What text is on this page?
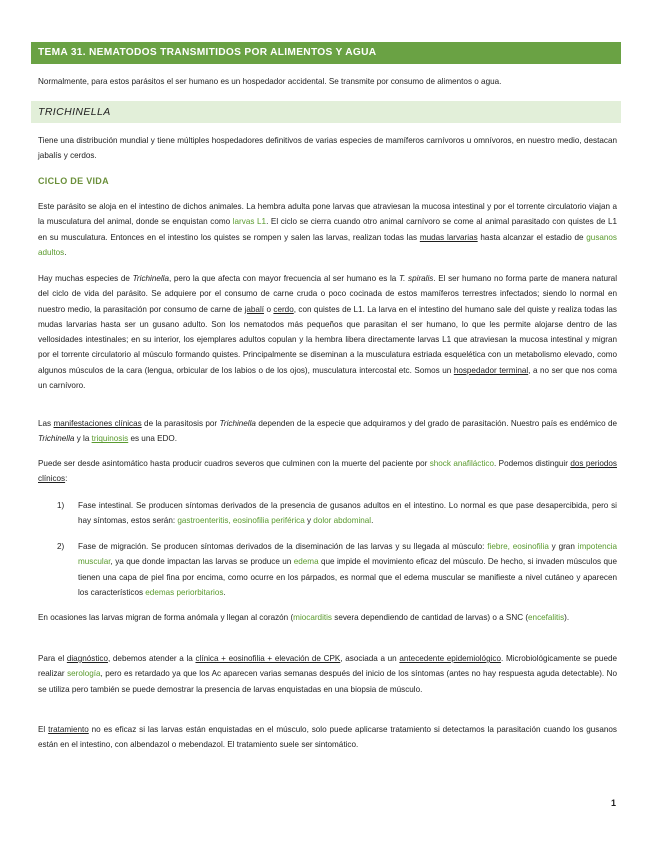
TEMA 31. NEMATODOS TRANSMITIDOS POR ALIMENTOS Y AGUA

Normalmente, para estos parásitos el ser humano es un hospedador accidental. Se transmite por consumo de alimentos o agua.

TRICHINELLA

Tiene una distribución mundial y tiene múltiples hospedadores definitivos de varias especies de mamíferos carnívoros u omnívoros, en nuestro medio, destacan jabalís y cerdos.

CICLO DE VIDA

Este parásito se aloja en el intestino de dichos animales. La hembra adulta pone larvas que atraviesan la mucosa intestinal y por el torrente circulatorio viajan a la musculatura del animal, donde se enquistan como larvas L1. El ciclo se cierra cuando otro animal carnívoro se come al animal parasitado con quistes de L1 en su musculatura. Entonces en el intestino los quistes se rompen y salen las larvas, realizan todas las mudas larvarias hasta alcanzar el estadio de gusanos adultos.

Hay muchas especies de Trichinella, pero la que afecta con mayor frecuencia al ser humano es la T. spiralis. El ser humano no forma parte de manera natural del ciclo de vida del parásito. Se adquiere por el consumo de carne cruda o poco cocinada de estos mamíferos terrestres infectados; siendo lo normal en nuestro medio, la parasitación por consumo de carne de jabalí o cerdo, con quistes de L1. La larva en el intestino del humano sale del quiste y realiza todas las mudas larvarias hasta ser un gusano adulto. Son los nematodos más pequeños que parasitan el ser humano, lo que les permite alojarse dentro de las vellosidades intestinales; en su interior, los ejemplares adultos copulan y la hembra libera directamente larvas L1 que atraviesan la mucosa intestinal y migran por el torrente circulatorio al músculo formando quistes. Principalmente se diseminan a la musculatura estriada esquelética con un metabolismo elevado, como algunos músculos de la cara (lengua, orbicular de los labios o de los ojos), musculatura intercostal etc. Somos un hospedador terminal, a no ser que nos coma un carnívoro.

Las manifestaciones clínicas de la parasitosis por Trichinella dependen de la especie que adquiramos y del grado de parasitación. Nuestro país es endémico de Trichinella y la triquinosis es una EDO.

Puede ser desde asintomático hasta producir cuadros severos que culminen con la muerte del paciente por shock anafiláctico. Podemos distinguir dos periodos clínicos:

1) Fase intestinal. Se producen síntomas derivados de la presencia de gusanos adultos en el intestino. Lo normal es que pase desapercibida, pero si hay síntomas, estos serán: gastroenteritis, eosinofilia periférica y dolor abdominal.
2) Fase de migración. Se producen síntomas derivados de la diseminación de las larvas y su llegada al músculo: fiebre, eosinofilia y gran impotencia muscular, ya que donde impactan las larvas se produce un edema que impide el movimiento eficaz del músculo. De hecho, si invaden músculos que tienen una capa de piel fina por encima, como ocurre en los párpados, es normal que el edema muscular se manifieste a nivel cutáneo y aparecen los característicos edemas periorbitarios.

En ocasiones las larvas migran de forma anómala y llegan al corazón (miocarditis severa dependiendo de cantidad de larvas) o a SNC (encefalitis).

Para el diagnóstico, debemos atender a la clínica + eosinofilia + elevación de CPK, asociada a un antecedente epidemiológico. Microbiológicamente se puede realizar serología, pero es retardado ya que los Ac aparecen varias semanas después del inicio de los síntomas (antes no hay respuesta aguda detectable). No se utiliza pero también se puede demostrar la presencia de larvas enquistadas en una biopsia de músculo.

El tratamiento no es eficaz si las larvas están enquistadas en el músculo, solo puede aplicarse tratamiento si detectamos la parasitación cuando los gusanos están en el intestino, con albendazol o mebendazol. El tratamiento suele ser sintomático.

1
